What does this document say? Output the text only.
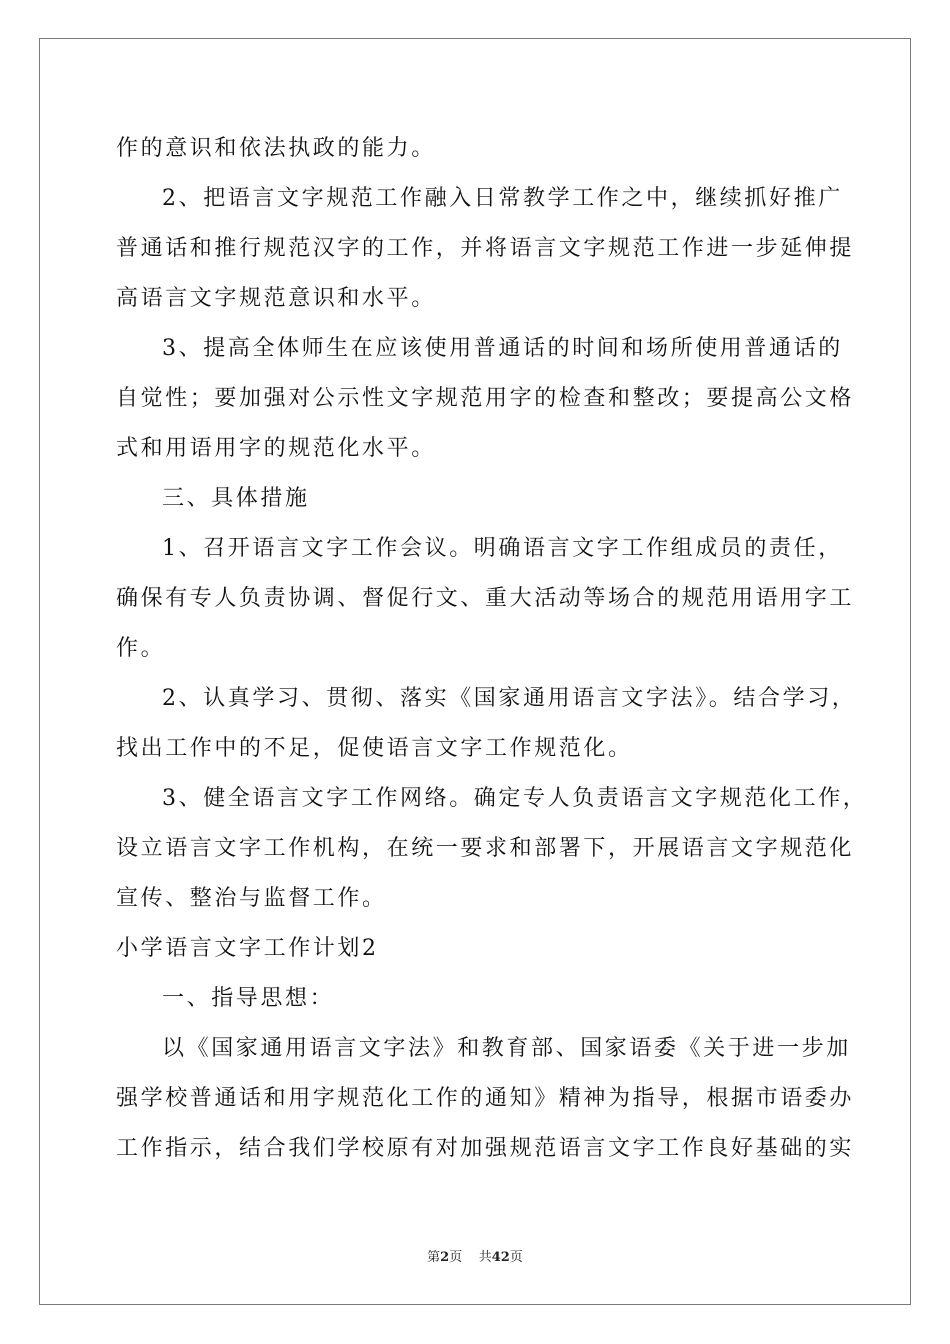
作的意识和依法执政的能力。
2、把语言文字规范工作融入日常教学工作之中，继续抓好推广
普通话和推行规范汉字的工作，并将语言文字规范工作进一步延伸提
高语言文字规范意识和水平。
3、提高全体师生在应该使用普通话的时间和场所使用普通话的
自觉性；要加强对公示性文字规范用字的检查和整改；要提高公文格
式和用语用字的规范化水平。
三、具体措施
1、召开语言文字工作会议。明确语言文字工作组成员的责任，
确保有专人负责协调、督促行文、重大活动等场合的规范用语用字工
作。
2、认真学习、贯彻、落实《国家通用语言文字法》。结合学习，
找出工作中的不足，促使语言文字工作规范化。
3、健全语言文字工作网络。确定专人负责语言文字规范化工作，
设立语言文字工作机构，在统一要求和部署下，开展语言文字规范化
宣传、整治与监督工作。
小学语言文字工作计划2
一、指导思想：
以《国家通用语言文字法》和教育部、国家语委《关于进一步加
强学校普通话和用字规范化工作的通知》精神为指导，根据市语委办
工作指示，结合我们学校原有对加强规范语言文字工作良好基础的实
第2页 共42页
